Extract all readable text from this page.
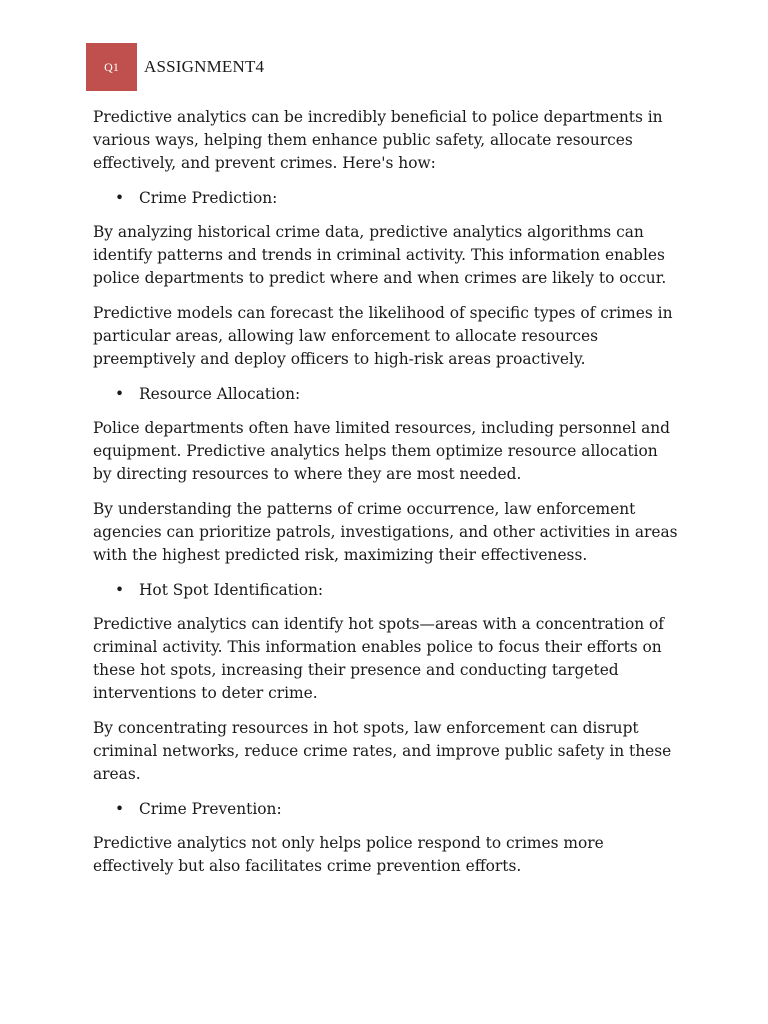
Q1	ASSIGNMENT4

Predictive analytics can be incredibly beneficial to police departments in various ways, helping them enhance public safety, allocate resources effectively, and prevent crimes. Here's how:

• Crime Prediction:

By analyzing historical crime data, predictive analytics algorithms can identify patterns and trends in criminal activity. This information enables police departments to predict where and when crimes are likely to occur.

Predictive models can forecast the likelihood of specific types of crimes in particular areas, allowing law enforcement to allocate resources preemptively and deploy officers to high-risk areas proactively.

• Resource Allocation:

Police departments often have limited resources, including personnel and equipment. Predictive analytics helps them optimize resource allocation by directing resources to where they are most needed.

By understanding the patterns of crime occurrence, law enforcement agencies can prioritize patrols, investigations, and other activities in areas with the highest predicted risk, maximizing their effectiveness.

• Hot Spot Identification:

Predictive analytics can identify hot spots—areas with a concentration of criminal activity. This information enables police to focus their efforts on these hot spots, increasing their presence and conducting targeted interventions to deter crime.

By concentrating resources in hot spots, law enforcement can disrupt criminal networks, reduce crime rates, and improve public safety in these areas.

• Crime Prevention:

Predictive analytics not only helps police respond to crimes more effectively but also facilitates crime prevention efforts.
